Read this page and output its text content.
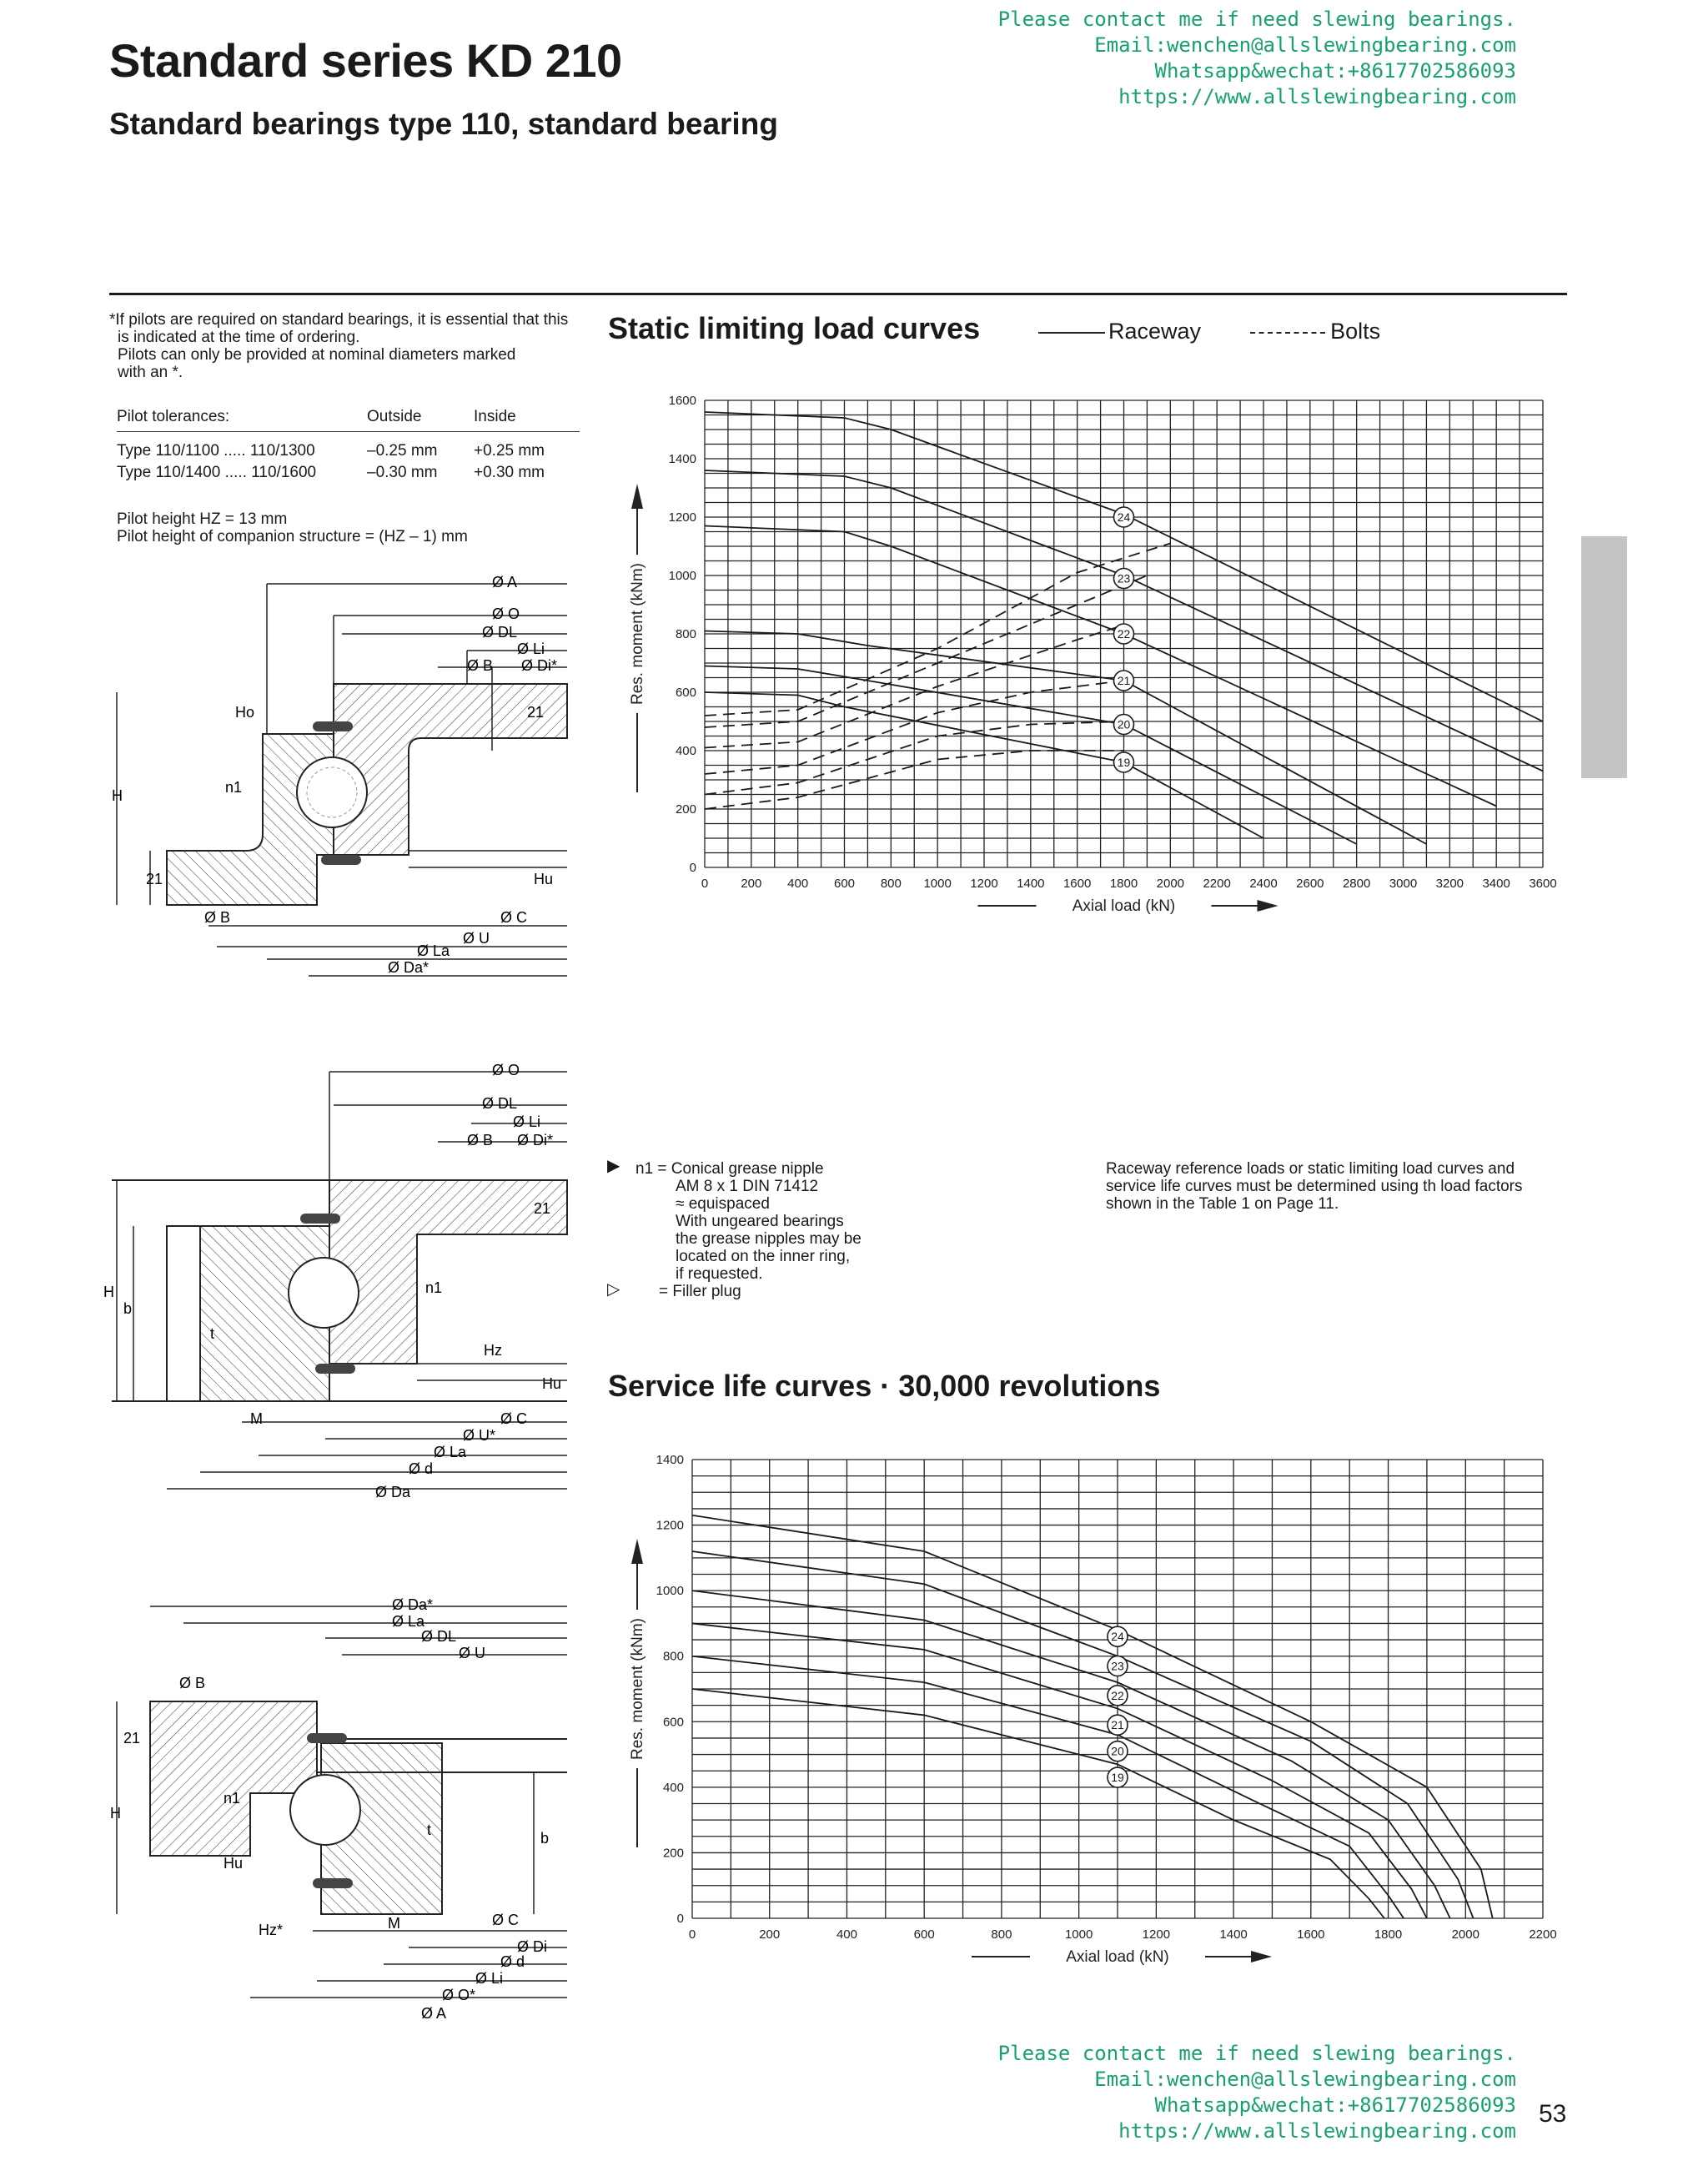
Standard series KD 210
Standard bearings type 110, standard bearing
Please contact me if need slewing bearings.
Email:wenchen@allslewingbearing.com
Whatsapp&wechat:+8617702586093
https://www.allslewingbearing.com
*If pilots are required on standard bearings, it is essential that this
is indicated at the time of ordering.
Pilots can only be provided at nominal diameters marked
with an *.
Pilot tolerances:	Outside	Inside
Type 110/1100 ..... 110/1300	–0.25 mm	+0.25 mm
Type 110/1400 ..... 110/1600	–0.30 mm	+0.30 mm
Pilot height HZ = 13 mm
Pilot height of companion structure = (HZ – 1) mm
Static limiting load curves	Raceway	Bolts
0	200 400 600 800 1000 1200 1400 1600 1800 2000 2200 2400 2600 2800 3000 3200 3400 3600
0
200
400
600
800
1000
1200
1400
1600
24
23
22
21
20
19
Axial load (kN)
Res. moment (kNm)
▶ n1 = Conical grease nipple
AM 8 x 1 DIN 71412
≈ equispaced
With ungeared bearings
the grease nipples may be
located on the inner ring,
if requested.
▷ = Filler plug
Raceway reference loads or static limiting load curves and
service life curves must be determined using th load factors
shown in the Table 1 on Page 11.
Service life curves · 30,000 revolutions
0	200	400	600	800	1000	1200	1400	1600	1800	2000	2200
0
200
400
600
800
1000
1200
1400
24
23
22
21
20
19
Axial load (kN)
Res. moment (kNm)
Ø A
Ø O
Ø DL
Ø Li
Ø B Ø Di*
H
21
Ho
n1
Hu
21
Ø B	Ø C
Ø U
Ø La
Ø Da*
Ø O
Ø DL
Ø Li
Ø B Ø Di*
21
H
b
t
n1
Hz
Hu
M	Ø C
Ø U*
Ø La
Ø d
Ø Da
Ø Da*
Ø La
Ø DL
Ø U
Ø B
21
H
n1
Hu
b
t
Hz*	M	Ø C
Ø Di
Ø d
Ø Li
Ø O*
Ø A
Please contact me if need slewing bearings.
Email:wenchen@allslewingbearing.com
Whatsapp&wechat:+8617702586093
https://www.allslewingbearing.com
53
